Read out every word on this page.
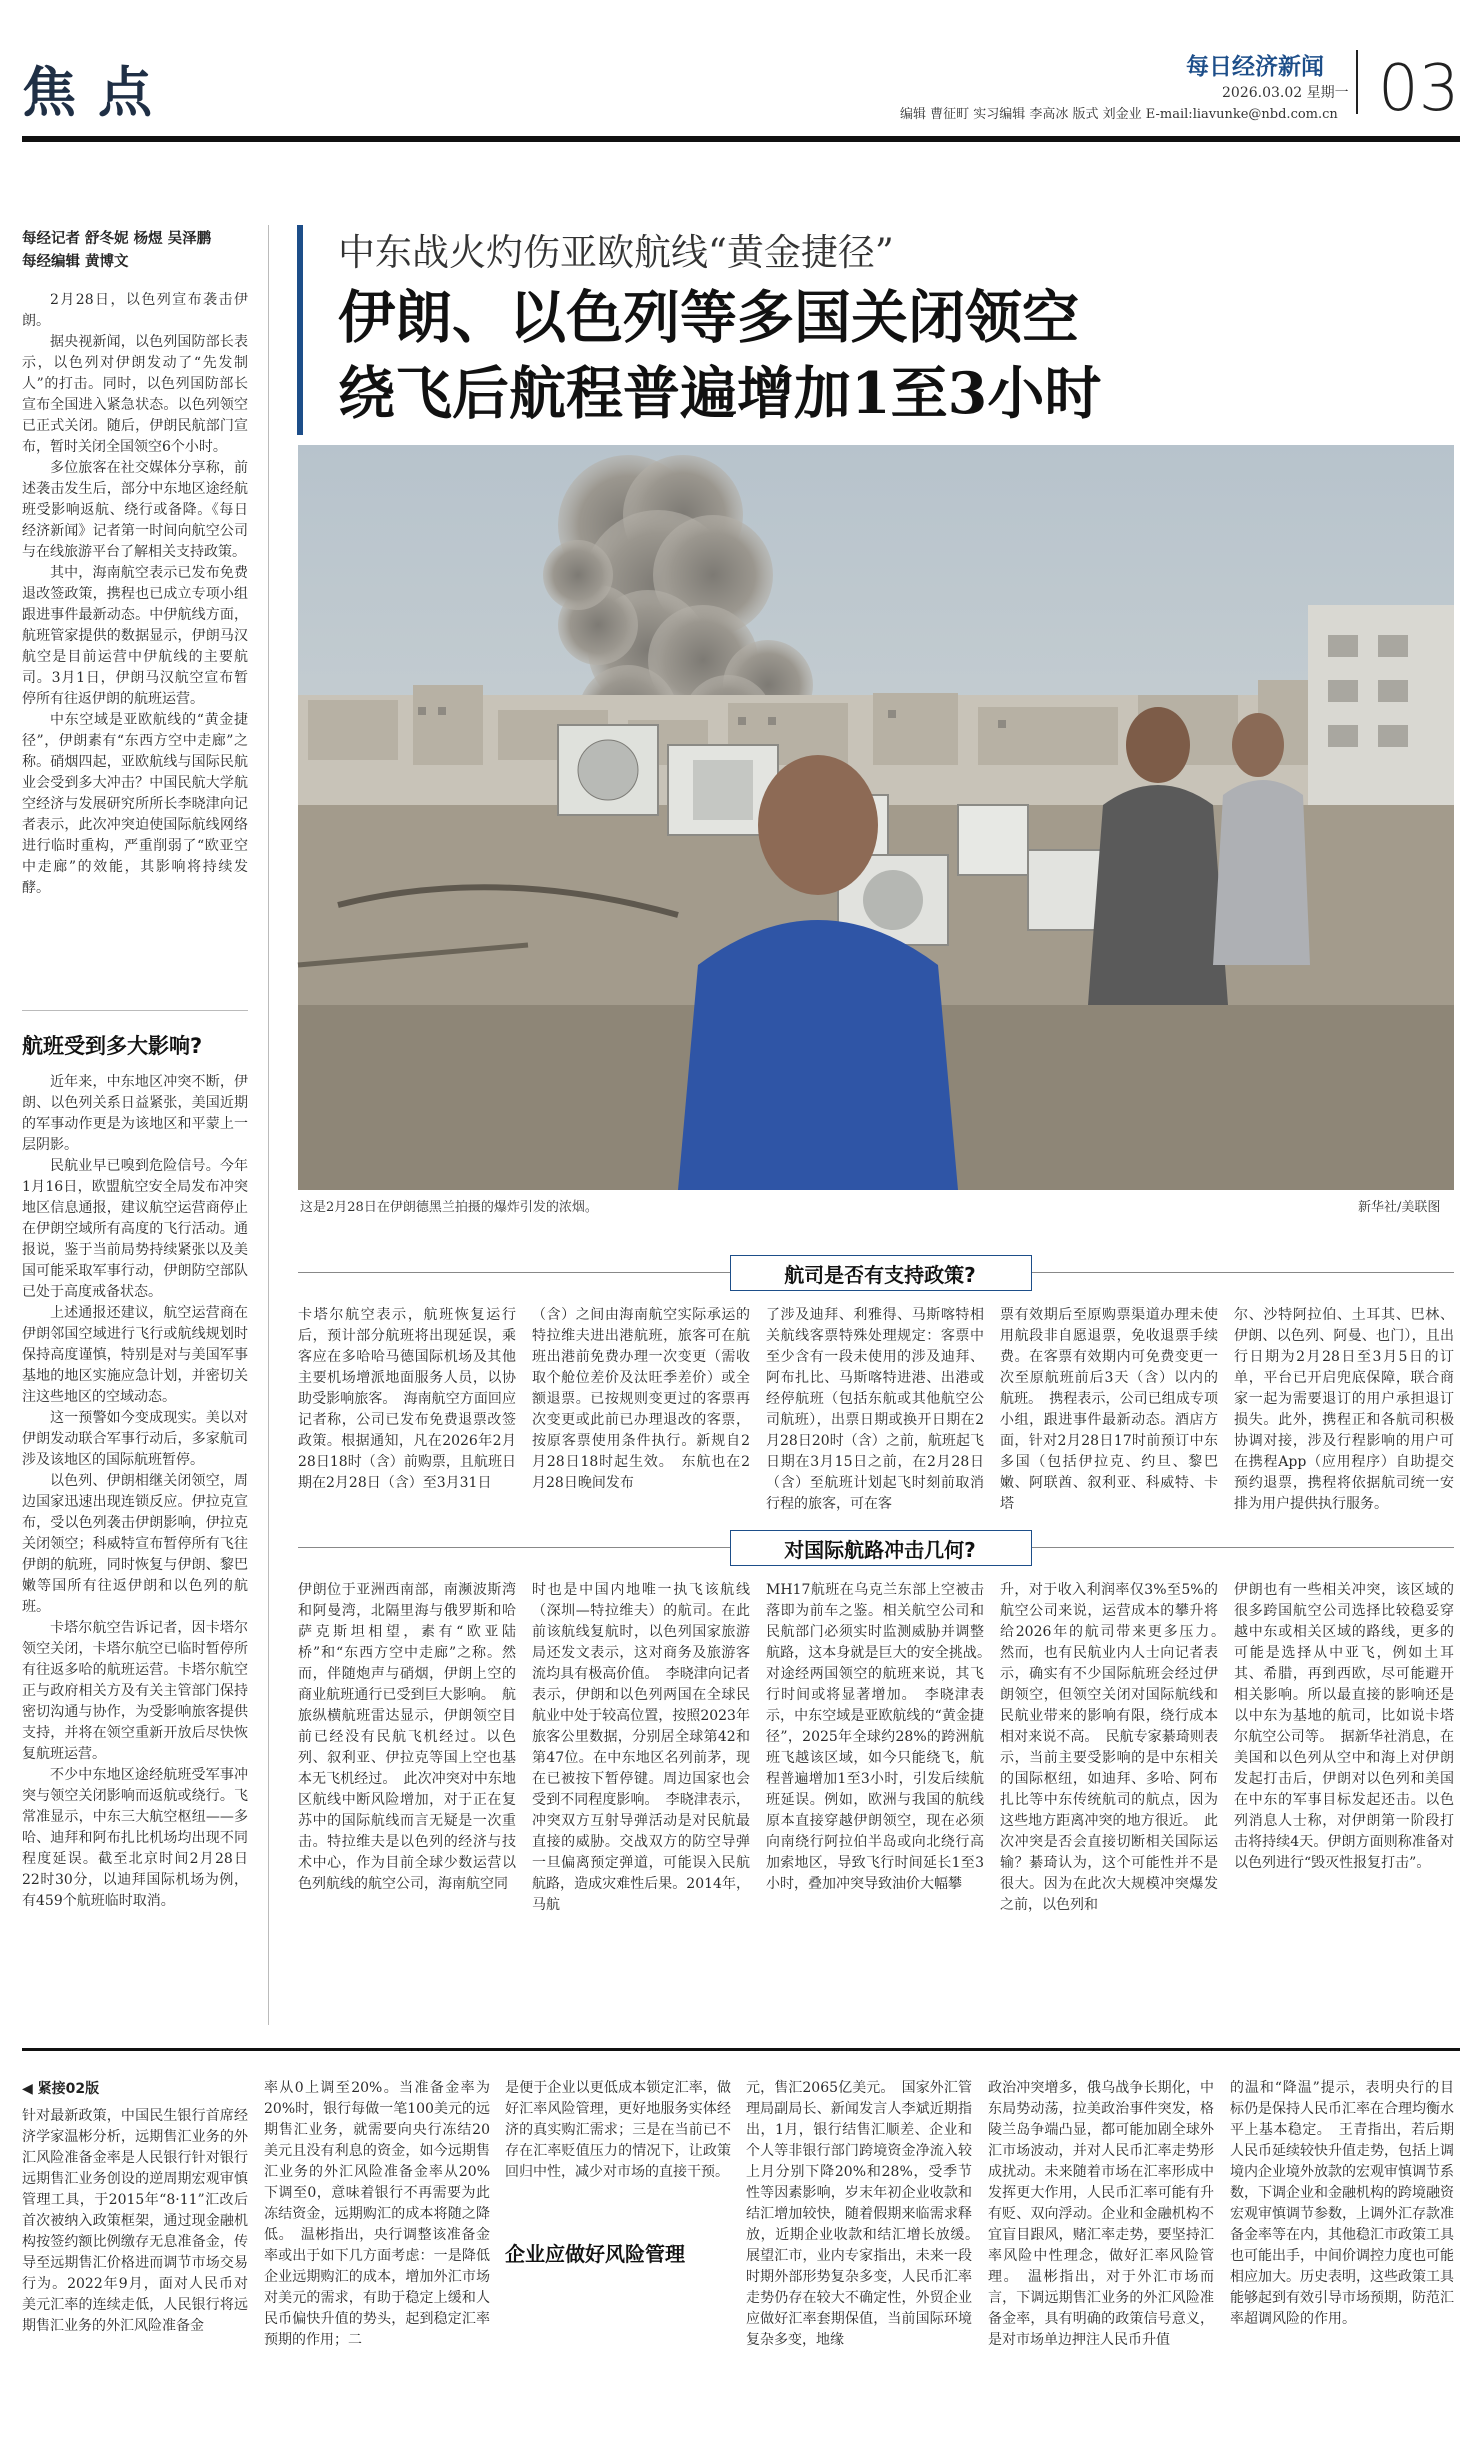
焦点	每日经济新闻 03
2026.03.02 星期一
编辑 曹征町 实习编辑 李高冰 版式 刘金业 E-mail:liavunke@nbd.com.cn
每经记者 舒冬妮 杨煜 吴泽鹏
每经编辑 黄博文	中东战火灼伤亚欧航线“黄金捷径”
伊朗、以色列等多国关闭领空
绕飞后航程普遍增加1至3小时
这是2月28日在伊朗德黑兰拍摄的爆炸引发的浓烟。	新华社/美联图

2月28日，以色列宣布袭击伊朗。

据央视新闻，以色列国防部长表示，以色列对伊朗发动了“先发制人”的打击。同时，以色列国防部长宣布全国进入紧急状态。以色列领空已正式关闭。随后，伊朗民航部门宣布，暂时关闭全国领空6个小时。

多位旅客在社交媒体分享称，前述袭击发生后，部分中东地区途经航班受影响返航、绕行或备降。《每日经济新闻》记者第一时间向航空公司与在线旅游平台了解相关支持政策。

其中，海南航空表示已发布免费退改签政策，携程也已成立专项小组跟进事件最新动态。中伊航线方面，航班管家提供的数据显示，伊朗马汉航空是目前运营中伊航线的主要航司。3月1日，伊朗马汉航空宣布暂停所有往返伊朗的航班运营。

中东空域是亚欧航线的“黄金捷径”，伊朗素有“东西方空中走廊”之称。硝烟四起，亚欧航线与国际民航业会受到多大冲击？中国民航大学航空经济与发展研究所所长李晓津向记者表示，此次冲突迫使国际航线网络进行临时重构，严重削弱了“欧亚空中走廊”的效能，其影响将持续发酵。

航班受到多大影响?

近年来，中东地区冲突不断，伊朗、以色列关系日益紧张，美国近期的军事动作更是为该地区和平蒙上一层阴影。

民航业早已嗅到危险信号。今年1月16日，欧盟航空安全局发布冲突地区信息通报，建议航空运营商停止在伊朗空域所有高度的飞行活动。通报说，鉴于当前局势持续紧张以及美国可能采取军事行动，伊朗防空部队已处于高度戒备状态。

上述通报还建议，航空运营商在伊朗邻国空域进行飞行或航线规划时保持高度谨慎，特别是对与美国军事基地的地区实施应急计划，并密切关注这些地区的空域动态。

这一预警如今变成现实。美以对伊朗发动联合军事行动后，多家航司涉及该地区的国际航班暂停。

以色列、伊朗相继关闭领空，周边国家迅速出现连锁反应。伊拉克宣布，受以色列袭击伊朗影响，伊拉克关闭领空；科威特宣布暂停所有飞往伊朗的航班，同时恢复与伊朗、黎巴嫩等国所有往返伊朗和以色列的航班。

卡塔尔航空告诉记者，因卡塔尔领空关闭，卡塔尔航空已临时暂停所有往返多哈的航班运营。卡塔尔航空正与政府相关方及有关主管部门保持密切沟通与协作，为受影响旅客提供支持，并将在领空重新开放后尽快恢复航班运营。

不少中东地区途经航班受军事冲突与领空关闭影响而返航或绕行。飞常准显示，中东三大航空枢纽——多哈、迪拜和阿布扎比机场均出现不同程度延误。截至北京时间2月28日22时30分，以迪拜国际机场为例，有459个航班临时取消。

航司是否有支持政策?
卡塔尔航空表示，航班恢复运行后，预计部分航班将出现延误，乘客应在多哈哈马德国际机场及其他主要机场增派地面服务人员，以协助受影响旅客。　海南航空方面回应记者称，公司已发布免费退票改签政策。根据通知，凡在2026年2月28日18时（含）前购票，且航班日期在2月28日（含）至3月31日
（含）之间由海南航空实际承运的特拉维夫进出港航班，旅客可在航班出港前免费办理一次变更（需收取个舱位差价及汰旺季差价）或全额退票。已按规则变更过的客票再次变更或此前已办理退改的客票，按原客票使用条件执行。新规自2月28日18时起生效。　东航也在2月28日晚间发布
了涉及迪拜、利雅得、马斯喀特相关航线客票特殊处理规定：客票中至少含有一段未使用的涉及迪拜、阿布扎比、马斯喀特进港、出港或经停航班（包括东航或其他航空公司航班），出票日期或换开日期在2月28日20时（含）之前，航班起飞日期在3月15日之前，在2月28日（含）至航班计划起飞时刻前取消行程的旅客，可在客
票有效期后至原购票渠道办理未使用航段非自愿退票，免收退票手续费。在客票有效期内可免费变更一次至原航班前后3天（含）以内的航班。　携程表示，公司已组成专项小组，跟进事件最新动态。酒店方面，针对2月28日17时前预订中东多国（包括伊拉克、约旦、黎巴嫩、阿联酋、叙利亚、科威特、卡塔
尔、沙特阿拉伯、土耳其、巴林、伊朗、以色列、阿曼、也门），且出行日期为2月28日至3月5日的订单，平台已开启兜底保障，联合商家一起为需要退订的用户承担退订损失。此外，携程正和各航司积极协调对接，涉及行程影响的用户可在携程App（应用程序）自助提交预约退票，携程将依据航司统一安排为用户提供执行服务。
对国际航路冲击几何?
伊朗位于亚洲西南部，南濒波斯湾和阿曼湾，北隔里海与俄罗斯和哈萨克斯坦相望，素有“欧亚陆桥”和“东西方空中走廊”之称。然而，伴随炮声与硝烟，伊朗上空的商业航班通行已受到巨大影响。　航旅纵横航班雷达显示，伊朗领空目前已经没有民航飞机经过。以色列、叙利亚、伊拉克等国上空也基本无飞机经过。　此次冲突对中东地区航线中断风险增加，对于正在复苏中的国际航线而言无疑是一次重击。特拉维夫是以色列的经济与技术中心，作为目前全球少数运营以色列航线的航空公司，海南航空同
时也是中国内地唯一执飞该航线（深圳—特拉维夫）的航司。在此前该航线复航时，以色列国家旅游局还发文表示，这对商务及旅游客流均具有极高价值。　李晓津向记者表示，伊朗和以色列两国在全球民航业中处于较高位置，按照2023年旅客公里数据，分别居全球第42和第47位。在中东地区名列前茅，现在已被按下暂停键。周边国家也会受到不同程度影响。　李晓津表示，冲突双方互射导弹活动是对民航最直接的威胁。交战双方的防空导弹一旦偏离预定弹道，可能误入民航航路，造成灾难性后果。2014年，马航
MH17航班在乌克兰东部上空被击落即为前车之鉴。相关航空公司和民航部门必须实时监测威胁并调整航路，这本身就是巨大的安全挑战。　对途经两国领空的航班来说，其飞行时间或将显著增加。　李晓津表示，中东空域是亚欧航线的“黄金捷径”，2025年全球约28%的跨洲航班飞越该区域，如今只能绕飞，航程普遍增加1至3小时，引发后续航班延误。例如，欧洲与我国的航线原本直接穿越伊朗领空，现在必须向南绕行阿拉伯半岛或向北绕行高加索地区，导致飞行时间延长1至3小时，叠加冲突导致油价大幅攀
升，对于收入利润率仅3%至5%的航空公司来说，运营成本的攀升将给2026年的航司带来更多压力。　然而，也有民航业内人士向记者表示，确实有不少国际航班会经过伊朗领空，但领空关闭对国际航线和民航业带来的影响有限，绕行成本相对来说不高。　民航专家綦琦则表示，当前主要受影响的是中东相关的国际枢纽，如迪拜、多哈、阿布扎比等中东传统航司的航点，因为这些地方距离冲突的地方很近。　此次冲突是否会直接切断相关国际运输？綦琦认为，这个可能性并不是很大。因为在此次大规模冲突爆发之前，以色列和
伊朗也有一些相关冲突，该区域的很多跨国航空公司选择比较稳妥穿越中东或相关区域的路线，更多的可能是选择从中亚飞，例如土耳其、希腊，再到西欧，尽可能避开相关影响。所以最直接的影响还是以中东为基地的航司，比如说卡塔尔航空公司等。　据新华社消息，在美国和以色列从空中和海上对伊朗发起打击后，伊朗对以色列和美国在中东的军事目标发起还击。以色列消息人士称，对伊朗第一阶段打击将持续4天。伊朗方面则称准备对以色列进行“毁灭性报复打击”。
◀ 紧接02版
针对最新政策，中国民生银行首席经济学家温彬分析，远期售汇业务的外汇风险准备金率是人民银行针对银行远期售汇业务创设的逆周期宏观审慎管理工具，于2015年“8·11”汇改后首次被纳入政策框架，通过现金融机构按签约额比例缴存无息准备金，传导至远期售汇价格进而调节市场交易行为。2022年9月，面对人民币对美元汇率的连续走低，人民银行将远期售汇业务的外汇风险准备金
率从0上调至20%。当准备金率为20%时，银行每做一笔100美元的远期售汇业务，就需要向央行冻结20美元且没有利息的资金，如今远期售汇业务的外汇风险准备金率从20%下调至0，意味着银行不再需要为此冻结资金，远期购汇的成本将随之降低。　温彬指出，央行调整该准备金率或出于如下几方面考虑：一是降低企业远期购汇的成本，增加外汇市场对美元的需求，有助于稳定上缓和人民币偏快升值的势头，起到稳定汇率预期的作用；二
是便于企业以更低成本锁定汇率，做好汇率风险管理，更好地服务实体经济的真实购汇需求；三是在当前已不存在汇率贬值压力的情况下，让政策回归中性，减少对市场的直接干预。
企业应做好风险管理
元，售汇2065亿美元。　国家外汇管理局副局长、新闻发言人李斌近期指出，1月，银行结售汇顺差、企业和个人等非银行部门跨境资金净流入较上月分别下降20%和28%，受季节性等因素影响，岁末年初企业收款和结汇增加较快，随着假期来临需求释放，近期企业收款和结汇增长放缓。　展望汇市，业内专家指出，未来一段时期外部形势复杂多变，人民币汇率走势仍存在较大不确定性，外贸企业应做好汇率套期保值，当前国际环境复杂多变，地缘
政治冲突增多，俄乌战争长期化，中东局势动荡，拉美政治事件突发，格陵兰岛争端凸显，都可能加剧全球外汇市场波动，并对人民币汇率走势形成扰动。未来随着市场在汇率形成中发挥更大作用，人民币汇率可能有升有贬、双向浮动。企业和金融机构不宜盲目跟风，赌汇率走势，要坚持汇率风险中性理念，做好汇率风险管理。　温彬指出，对于外汇市场而言，下调远期售汇业务的外汇风险准备金率，具有明确的政策信号意义，是对市场单边押注人民币升值
的温和“降温”提示，表明央行的目标仍是保持人民币汇率在合理均衡水平上基本稳定。　王青指出，若后期人民币延续较快升值走势，包括上调境内企业境外放款的宏观审慎调节系数，下调企业和金融机构的跨境融资宏观审慎调节参数，上调外汇存款准备金率等在内，其他稳汇市政策工具也可能出手，中间价调控力度也可能相应加大。历史表明，这些政策工具能够起到有效引导市场预期，防范汇率超调风险的作用。
